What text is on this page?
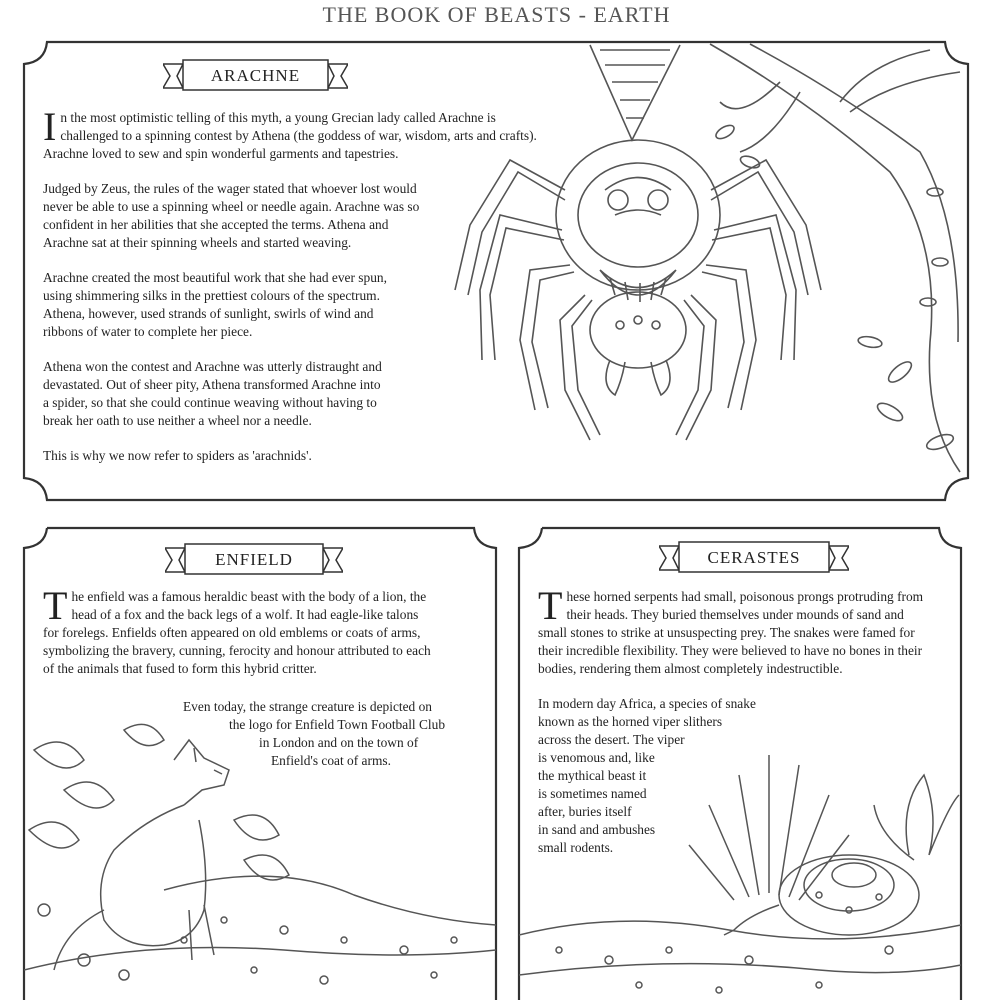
THE BOOK OF BEASTS - EARTH
ARACHNE

I n the most optimistic telling of this myth, a young Grecian lady called Arachne is
challenged to a spinning contest by Athena (the goddess of war, wisdom, arts and crafts).
Arachne loved to sew and spin wonderful garments and tapestries.

Judged by Zeus, the rules of the wager stated that whoever lost would
never be able to use a spinning wheel or needle again. Arachne was so
confident in her abilities that she accepted the terms. Athena and
Arachne sat at their spinning wheels and started weaving.

Arachne created the most beautiful work that she had ever spun,
using shimmering silks in the prettiest colours of the spectrum.
Athena, however, used strands of sunlight, swirls of wind and
ribbons of water to complete her piece.

Athena won the contest and Arachne was utterly distraught and
devastated. Out of sheer pity, Athena transformed Arachne into
a spider, so that she could continue weaving without having to
break her oath to use neither a wheel nor a needle.

This is why we now refer to spiders as 'arachnids'.

ENFIELD

T he enfield was a famous heraldic beast with the body of a lion, the
head of a fox and the back legs of a wolf. It had eagle-like talons
for forelegs. Enfields often appeared on old emblems or coats of arms,
symbolizing the bravery, cunning, ferocity and honour attributed to each
of the animals that fused to form this hybrid critter.

Even today, the strange creature is depicted on
the logo for Enfield Town Football Club
in London and on the town of
Enfield's coat of arms.
CERASTES

T hese horned serpents had small, poisonous prongs protruding from
their heads. They buried themselves under mounds of sand and
small stones to strike at unsuspecting prey. The snakes were famed for
their incredible flexibility. They were believed to have no bones in their
bodies, rendering them almost completely indestructible.

In modern day Africa, a species of snake
known as the horned viper slithers
across the desert. The viper
is venomous and, like
the mythical beast it
is sometimes named
after, buries itself
in sand and ambushes
small rodents.
